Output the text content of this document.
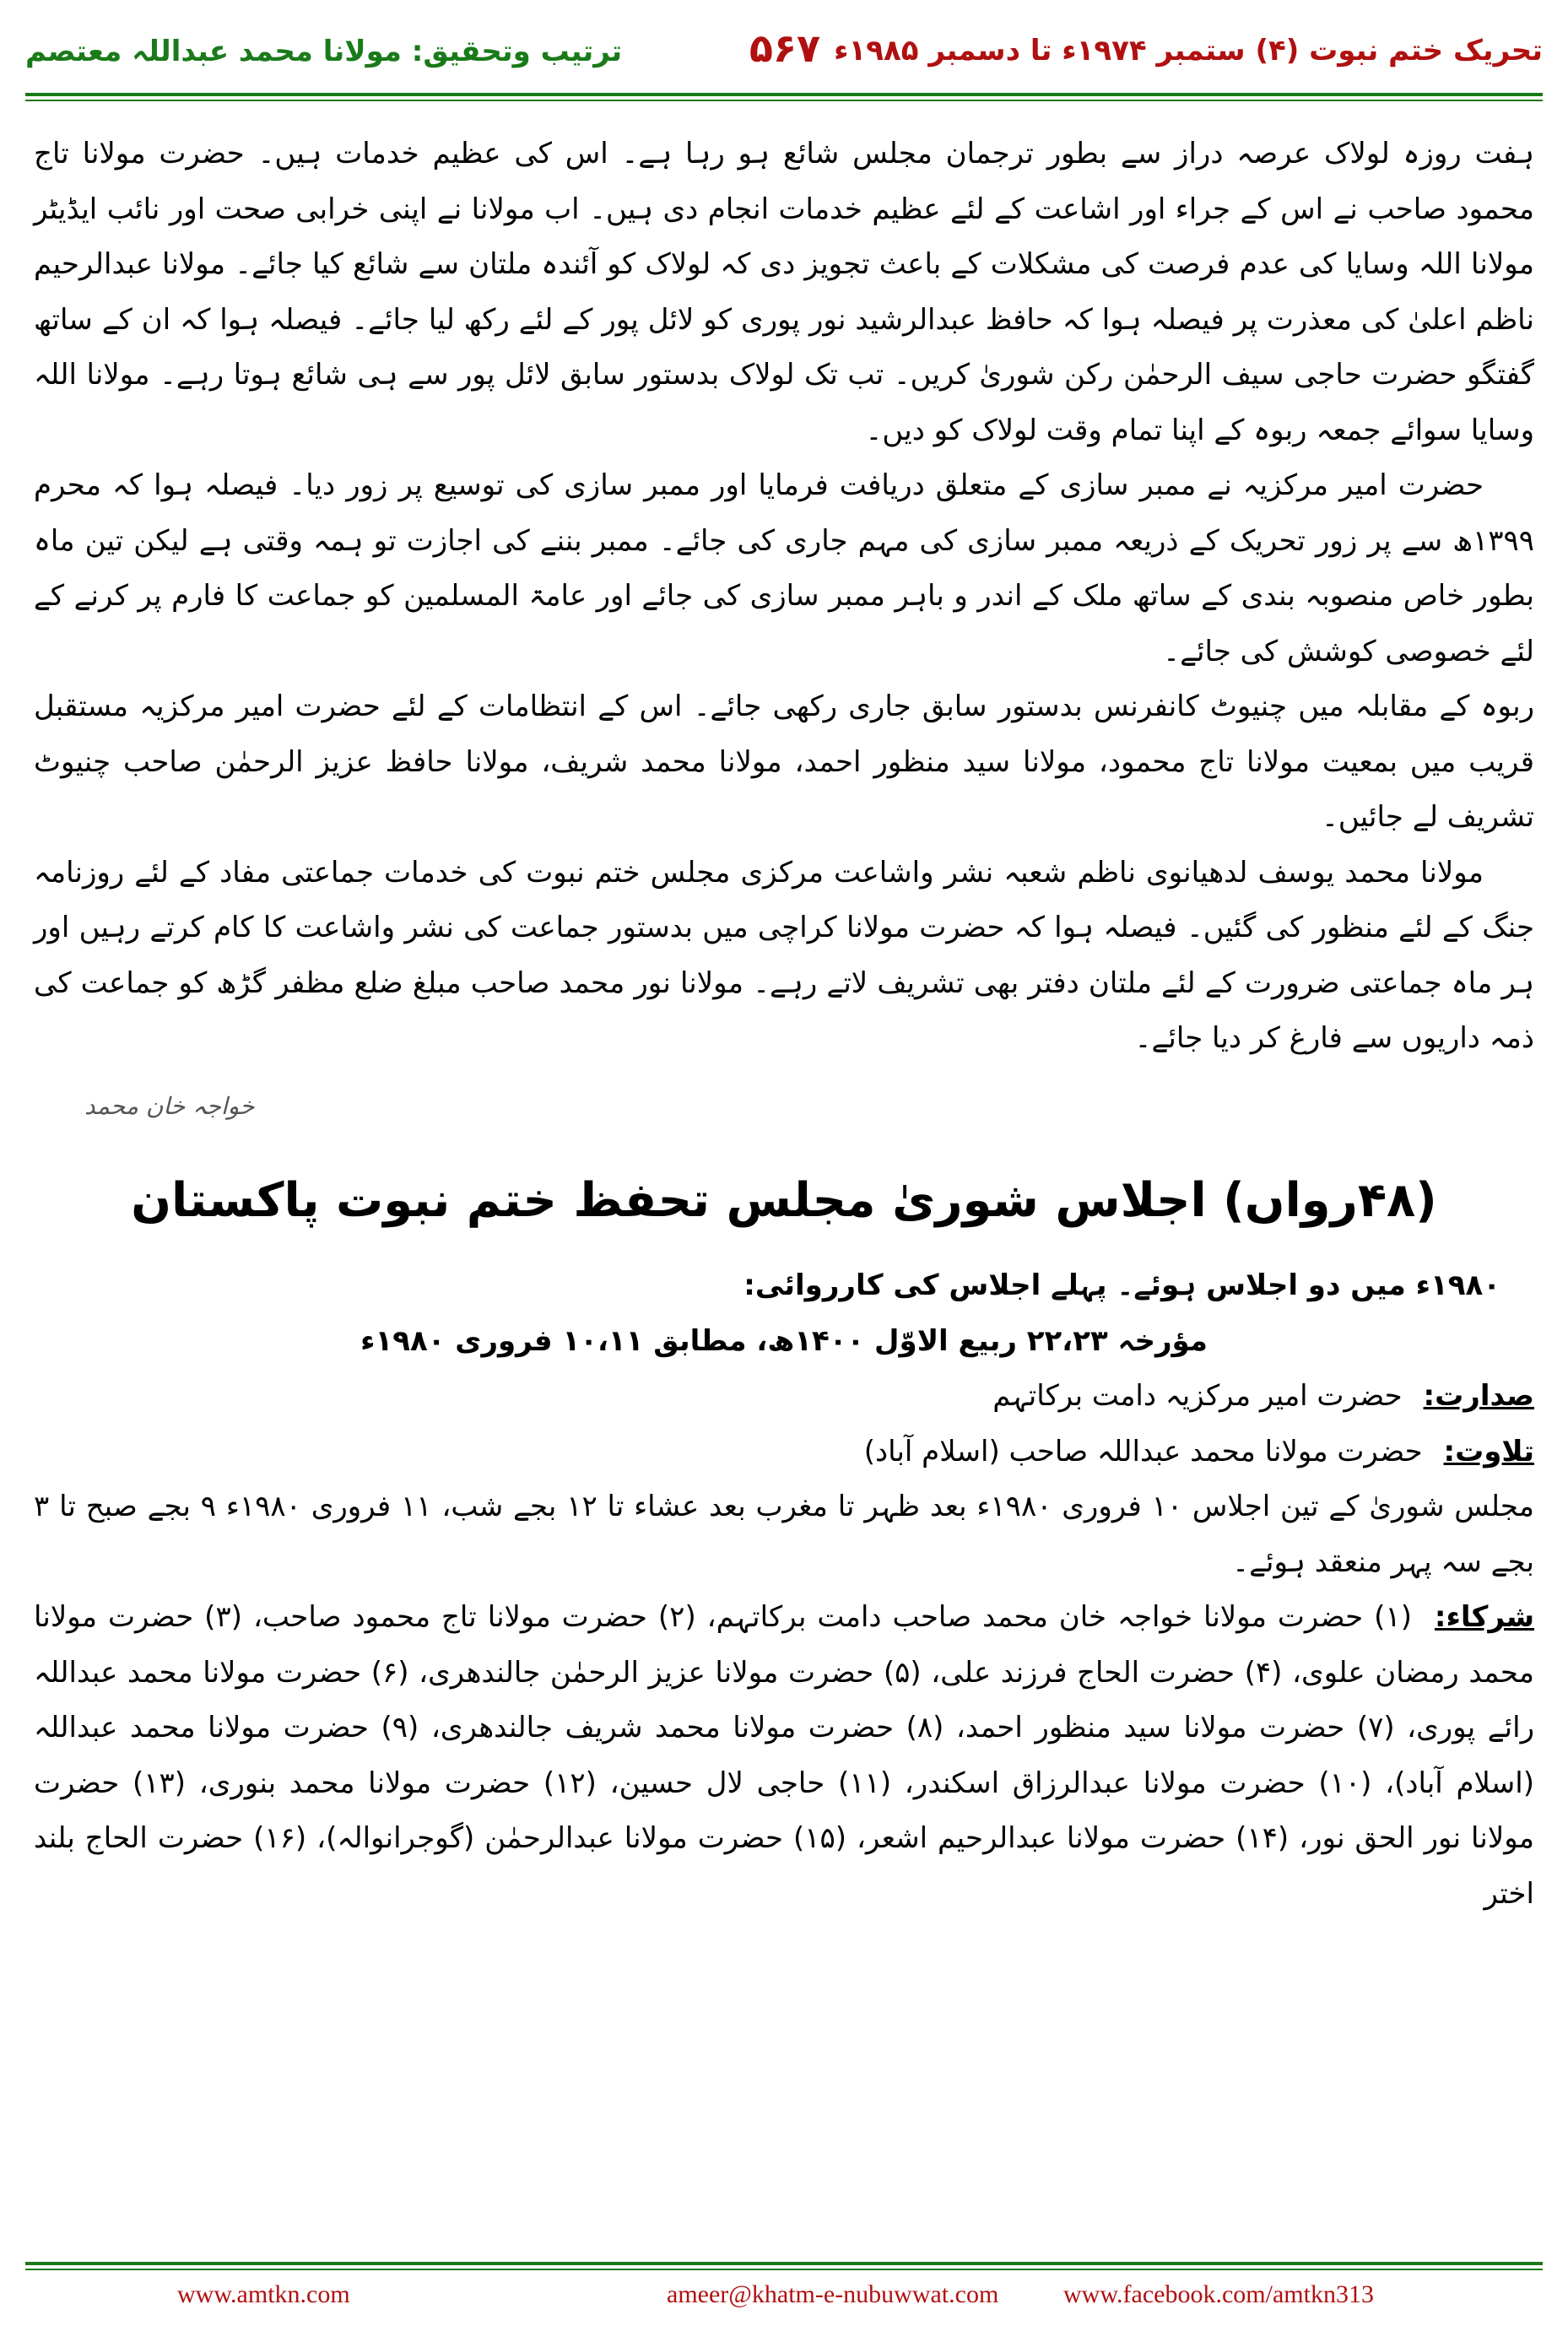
ترتیب وتحقیق: مولانا محمد عبداللہ معتصم	۵۶۷ تحریک ختم نبوت (۴) ستمبر ۱۹۷۴ء تا دسمبر ۱۹۸۵ء

ہفت روزہ لولاک عرصہ دراز سے بطور ترجمان مجلس شائع ہو رہا ہے۔ اس کی عظیم خدمات ہیں۔ حضرت مولانا تاج محمود صاحب نے اس کے جراء اور اشاعت کے لئے عظیم خدمات انجام دی ہیں۔ اب مولانا نے اپنی خرابی صحت اور نائب ایڈیٹر مولانا اللہ وسایا کی عدم فرصت کی مشکلات کے باعث تجویز دی کہ لولاک کو آئندہ ملتان سے شائع کیا جائے۔ مولانا عبدالرحیم ناظم اعلیٰ کی معذرت پر فیصلہ ہوا کہ حافظ عبدالرشید نور پوری کو لائل پور کے لئے رکھ لیا جائے۔ فیصلہ ہوا کہ ان کے ساتھ گفتگو حضرت حاجی سیف الرحمٰن رکن شوریٰ کریں۔ تب تک لولاک بدستور سابق لائل پور سے ہی شائع ہوتا رہے۔ مولانا اللہ وسایا سوائے جمعہ ربوہ کے اپنا تمام وقت لولاک کو دیں۔

حضرت امیر مرکزیہ نے ممبر سازی کے متعلق دریافت فرمایا اور ممبر سازی کی توسیع پر زور دیا۔ فیصلہ ہوا کہ محرم ۱۳۹۹ھ سے پر زور تحریک کے ذریعہ ممبر سازی کی مہم جاری کی جائے۔ ممبر بننے کی اجازت تو ہمہ وقتی ہے لیکن تین ماہ بطور خاص منصوبہ بندی کے ساتھ ملک کے اندر و باہر ممبر سازی کی جائے اور عامۃ المسلمین کو جماعت کا فارم پر کرنے کے لئے خصوصی کوشش کی جائے۔

ربوہ کے مقابلہ میں چنیوٹ کانفرنس بدستور سابق جاری رکھی جائے۔ اس کے انتظامات کے لئے حضرت امیر مرکزیہ مستقبل قریب میں بمعیت مولانا تاج محمود، مولانا سید منظور احمد، مولانا محمد شریف، مولانا حافظ عزیز الرحمٰن صاحب چنیوٹ تشریف لے جائیں۔

مولانا محمد یوسف لدھیانوی ناظم شعبہ نشر واشاعت مرکزی مجلس ختم نبوت کی خدمات جماعتی مفاد کے لئے روزنامہ جنگ کے لئے منظور کی گئیں۔ فیصلہ ہوا کہ حضرت مولانا کراچی میں بدستور جماعت کی نشر واشاعت کا کام کرتے رہیں اور ہر ماہ جماعتی ضرورت کے لئے ملتان دفتر بھی تشریف لاتے رہے۔ مولانا نور محمد صاحب مبلغ ضلع مظفر گڑھ کو جماعت کی ذمہ داریوں سے فارغ کر دیا جائے۔

خواجہ خان محمد
(۴۸رواں) اجلاس شوریٰ مجلس تحفظ ختم نبوت پاکستان

۱۹۸۰ء میں دو اجلاس ہوئے۔ پہلے اجلاس کی کارروائی:

مؤرخہ ۲۲،۲۳ ربیع الاوّل ۱۴۰۰ھ، مطابق ۱۰،۱۱ فروری ۱۹۸۰ء

صدارت: حضرت امیر مرکزیہ دامت برکاتہم

تلاوت: حضرت مولانا محمد عبداللہ صاحب (اسلام آباد)

مجلس شوریٰ کے تین اجلاس ۱۰ فروری ۱۹۸۰ء بعد ظہر تا مغرب بعد عشاء تا ۱۲ بجے شب، ۱۱ فروری ۱۹۸۰ء ۹ بجے صبح تا ۳ بجے سہ پہر منعقد ہوئے۔

شرکاء: (۱) حضرت مولانا خواجہ خان محمد صاحب دامت برکاتہم، (۲) حضرت مولانا تاج محمود صاحب، (۳) حضرت مولانا محمد رمضان علوی، (۴) حضرت الحاج فرزند علی، (۵) حضرت مولانا عزیز الرحمٰن جالندھری، (۶) حضرت مولانا محمد عبداللہ رائے پوری، (۷) حضرت مولانا سید منظور احمد، (۸) حضرت مولانا محمد شریف جالندھری، (۹) حضرت مولانا محمد عبداللہ (اسلام آباد)، (۱۰) حضرت مولانا عبدالرزاق اسکندر، (۱۱) حاجی لال حسین، (۱۲) حضرت مولانا محمد بنوری، (۱۳) حضرت مولانا نور الحق نور، (۱۴) حضرت مولانا عبدالرحیم اشعر، (۱۵) حضرت مولانا عبدالرحمٰن (گوجرانوالہ)، (۱۶) حضرت الحاج بلند اختر

www.amtkn.com	ameer@khatm-e-nubuwwat.com	www.facebook.com/amtkn313
